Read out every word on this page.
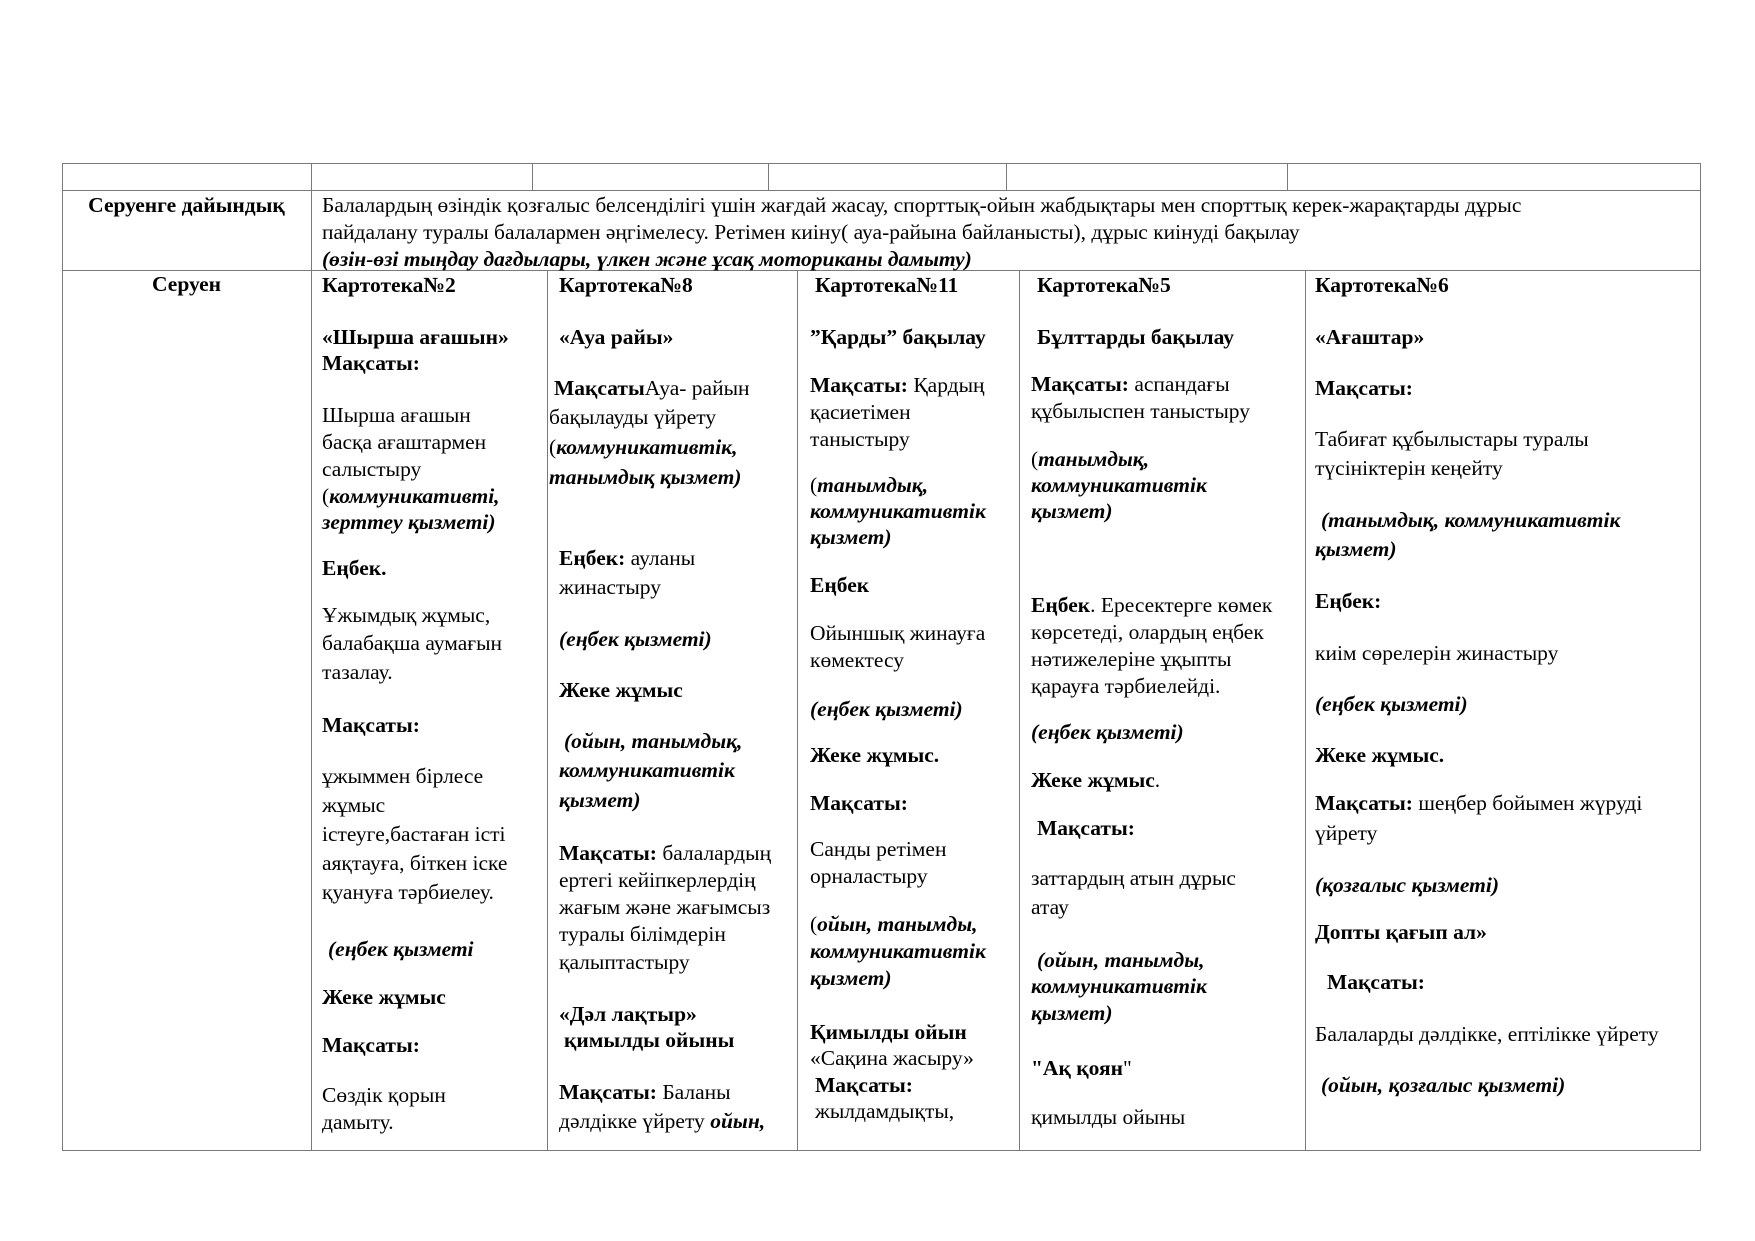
Серуенге дайындық	Балалардың өзіндік қозғалыс белсенділігі үшін жағдай жасау, спорттық-ойын жабдықтары мен спорттық керек-жарақтарды дұрыс

пайдалану туралы балалармен әңгімелесу. Ретімен киіну( ауа-райына байланысты), дұрыс киінуді бақылау

(өзін-өзі тыңдау дағдылары, үлкен және ұсақ моториканы дамыту)

Серуен	Картотека№2
«Шырша ағашын»
Мақсаты:
Шырша ағашын
басқа ағаштармен
салыстыру
(коммуникативті,
зерттеу қызметі)
Еңбек.
Ұжымдық жұмыс,
балабақша аумағын
тазалау.
Мақсаты:
ұжыммен бірлесе
жұмыс
істеуге,бастаған істі
аяқтауға, біткен іске
қуануға тәрбиелеу.
(еңбек қызметі
Жеке жұмыс
Мақсаты:
Сөздік қорын
дамыту.
Картотека№8
«Ауа райы»
МақсатыАуа- райын
бақылауды үйрету
(коммуникативтік,
танымдық қызмет)
Еңбек: ауланы
жинастыру
(еңбек қызметі)
Жеке жұмыс
(ойын, танымдық,
коммуникативтік
қызмет)
Мақсаты: балалардың
ертегі кейіпкерлердің
жағым және жағымсыз
туралы білімдерін
қалыптастыру
«Дәл лақтыр»
қимылды ойыны
Мақсаты: Баланы
дәлдікке үйрету ойын,
Картотека№11
”Қарды” бақылау
Мақсаты: Қардың
қасиетімен
таныстыру
(танымдық,
коммуникативтік
қызмет)
Еңбек
Ойыншық жинауға
көмектесу
(еңбек қызметі)
Жеке жұмыс.
Мақсаты:
Санды ретімен
орналастыру
(ойын, танымды,
коммуникативтік
қызмет)
Қимылды ойын
«Сақина жасыру»
Мақсаты:
жылдамдықты,
Картотека№5
Бұлттарды бақылау
Мақсаты: аспандағы
құбылыспен таныстыру
(танымдық,
коммуникативтік
қызмет)
Еңбек. Ересектерге көмек
көрсетеді, олардың еңбек
нәтижелеріне ұқыпты
қарауға тәрбиелейді.
(еңбек қызметі)
Жеке жұмыс.
Мақсаты:
заттардың атын дұрыс
атау
(ойын, танымды,
коммуникативтік
қызмет)
"Ақ қоян"
қимылды ойыны
Картотека№6
«Ағаштар»
Мақсаты:
Табиғат құбылыстары туралы
түсініктерін кеңейту
(танымдық, коммуникативтік
қызмет)
Еңбек:
киім сөрелерін жинастыру
(еңбек қызметі)
Жеке жұмыс.
Мақсаты: шеңбер бойымен жүруді
үйрету
(қозғалыс қызметі)
Допты қағып ал»
Мақсаты:
Балаларды дәлдікке, ептілікке үйрету
(ойын, қозғалыс қызметі)
